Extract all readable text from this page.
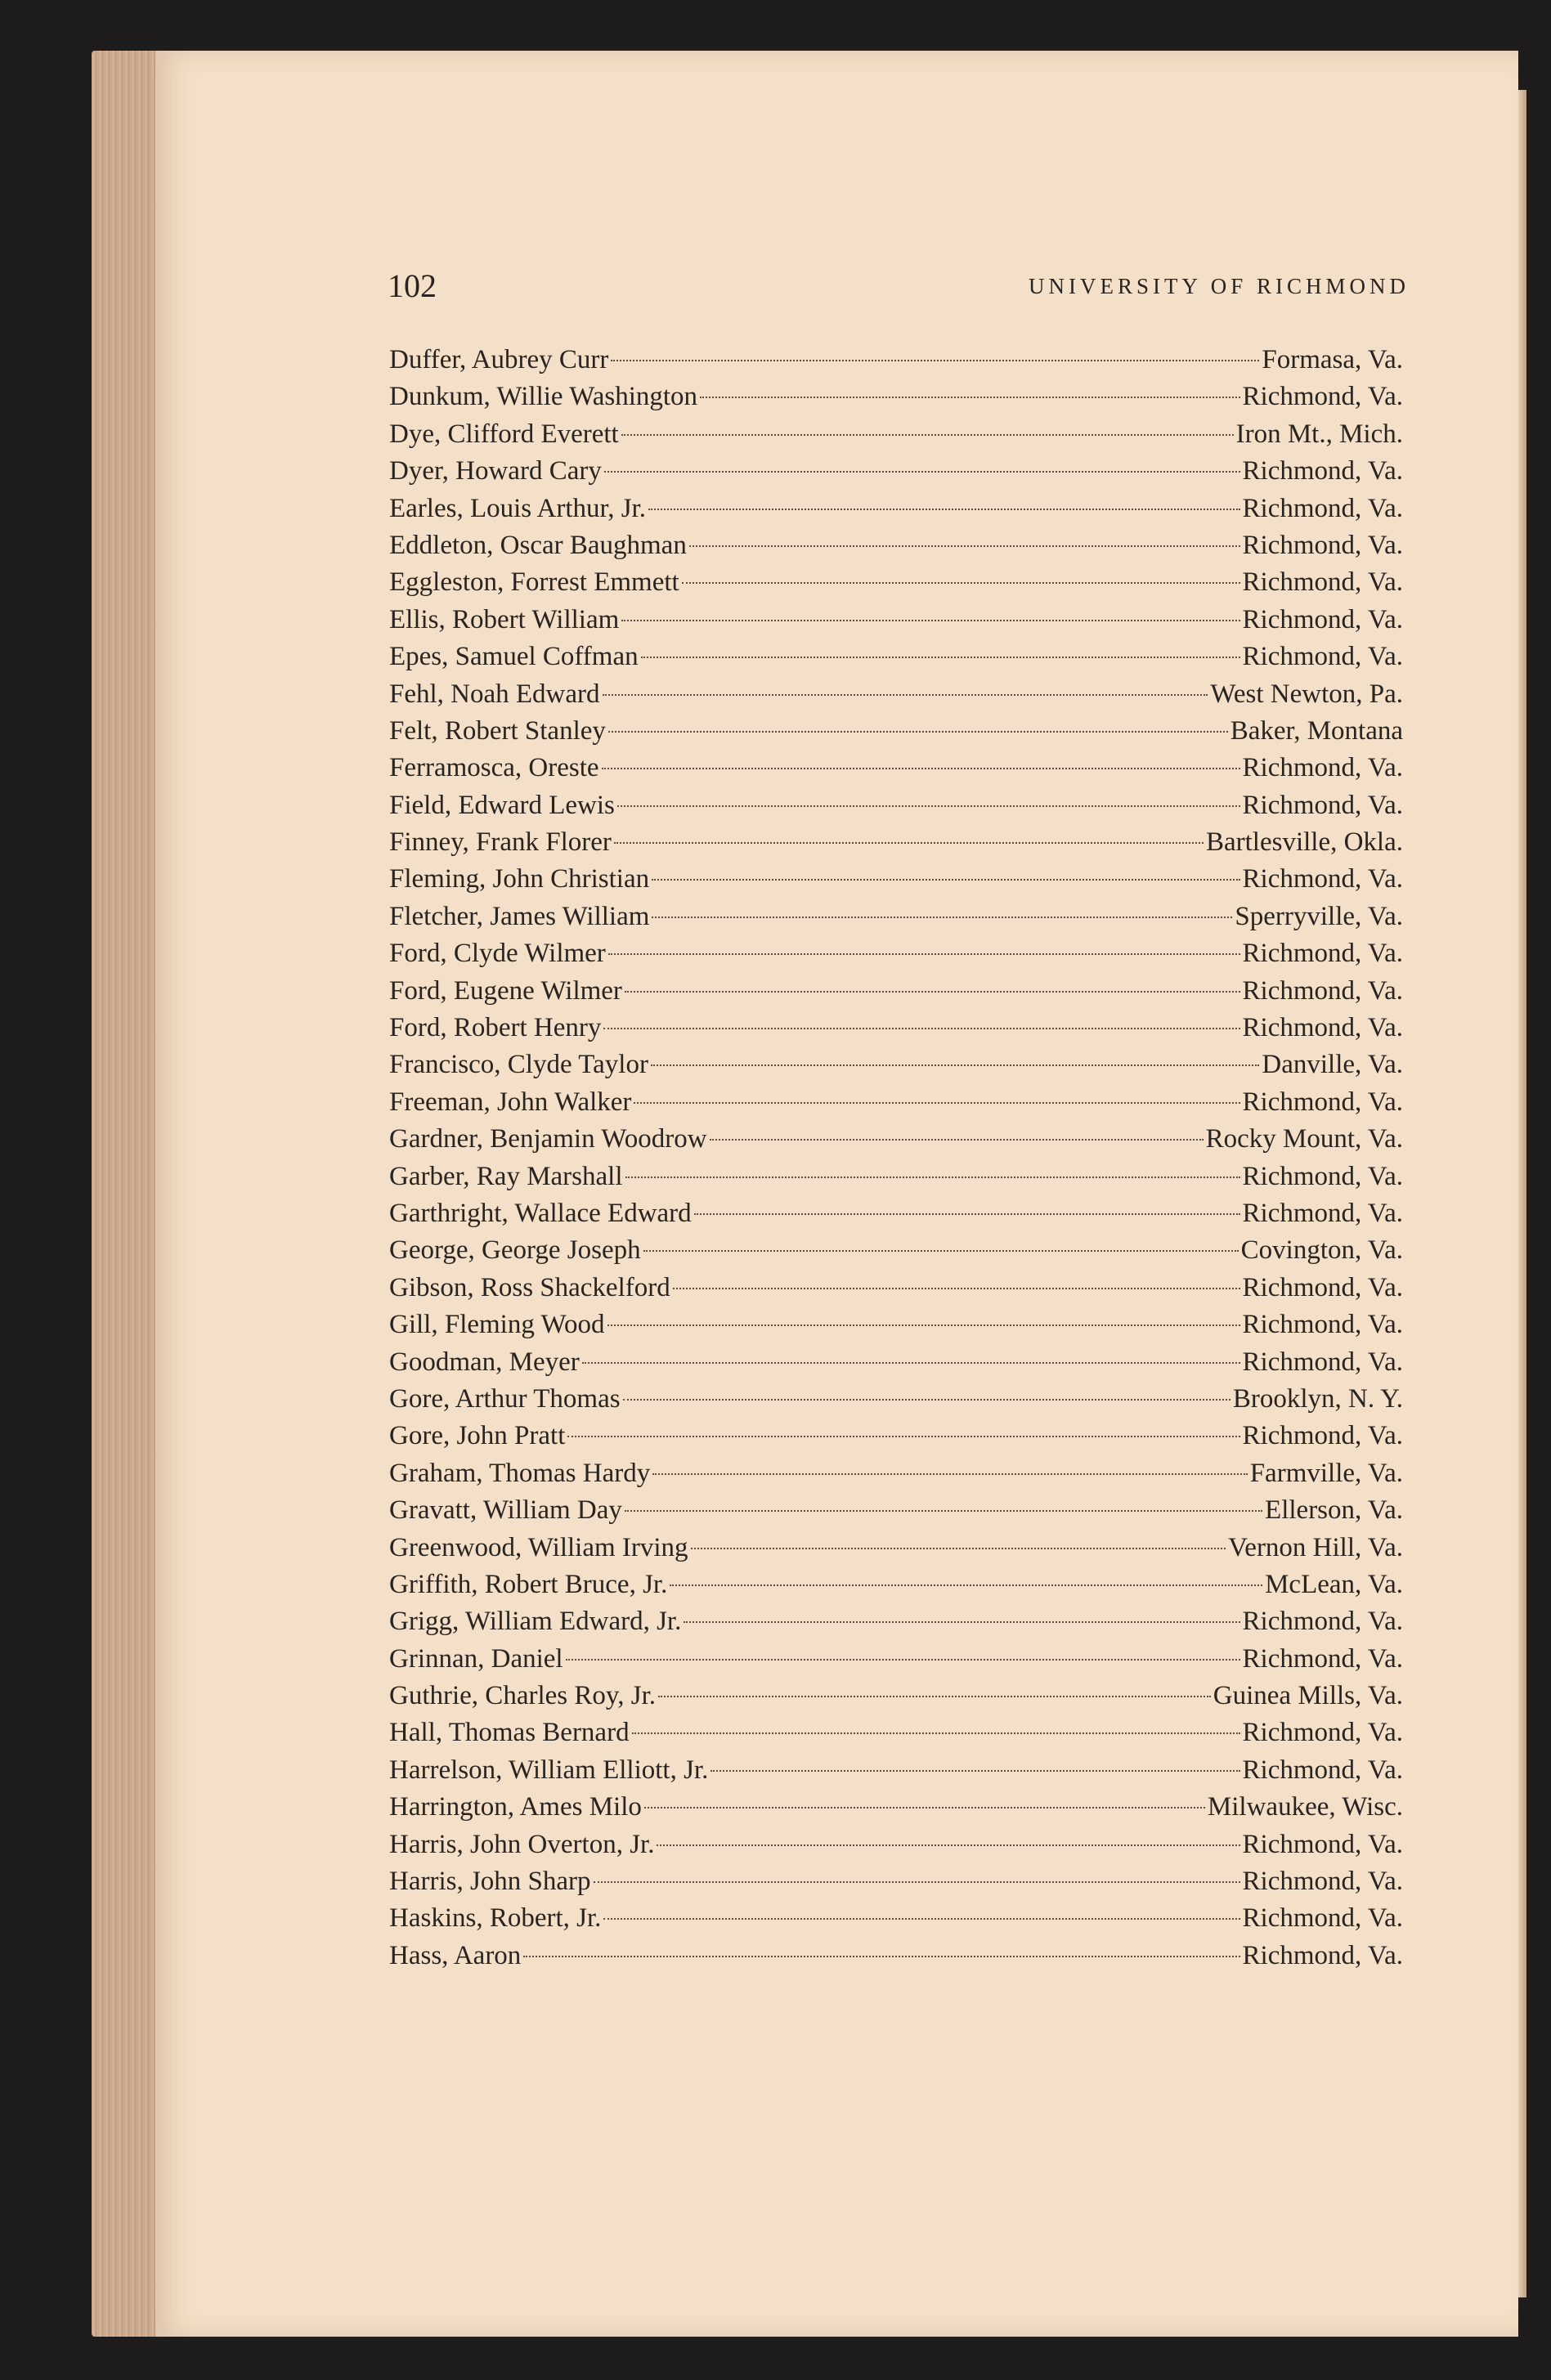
102	UNIVERSITY OF RICHMOND
Duffer, Aubrey Curr	Formasa, Va.
Dunkum, Willie Washington	Richmond, Va.
Dye, Clifford Everett	Iron Mt., Mich.
Dyer, Howard Cary	Richmond, Va.
Earles, Louis Arthur, Jr.	Richmond, Va.
Eddleton, Oscar Baughman	Richmond, Va.
Eggleston, Forrest Emmett	Richmond, Va.
Ellis, Robert William	Richmond, Va.
Epes, Samuel Coffman	Richmond, Va.
Fehl, Noah Edward	West Newton, Pa.
Felt, Robert Stanley	Baker, Montana
Ferramosca, Oreste	Richmond, Va.
Field, Edward Lewis	Richmond, Va.
Finney, Frank Florer	Bartlesville, Okla.
Fleming, John Christian	Richmond, Va.
Fletcher, James William	Sperryville, Va.
Ford, Clyde Wilmer	Richmond, Va.
Ford, Eugene Wilmer	Richmond, Va.
Ford, Robert Henry	Richmond, Va.
Francisco, Clyde Taylor	Danville, Va.
Freeman, John Walker	Richmond, Va.
Gardner, Benjamin Woodrow	Rocky Mount, Va.
Garber, Ray Marshall	Richmond, Va.
Garthright, Wallace Edward	Richmond, Va.
George, George Joseph	Covington, Va.
Gibson, Ross Shackelford	Richmond, Va.
Gill, Fleming Wood	Richmond, Va.
Goodman, Meyer	Richmond, Va.
Gore, Arthur Thomas	Brooklyn, N. Y.
Gore, John Pratt	Richmond, Va.
Graham, Thomas Hardy	Farmville, Va.
Gravatt, William Day	Ellerson, Va.
Greenwood, William Irving	Vernon Hill, Va.
Griffith, Robert Bruce, Jr.	McLean, Va.
Grigg, William Edward, Jr.	Richmond, Va.
Grinnan, Daniel	Richmond, Va.
Guthrie, Charles Roy, Jr.	Guinea Mills, Va.
Hall, Thomas Bernard	Richmond, Va.
Harrelson, William Elliott, Jr.	Richmond, Va.
Harrington, Ames Milo	Milwaukee, Wisc.
Harris, John Overton, Jr.	Richmond, Va.
Harris, John Sharp	Richmond, Va.
Haskins, Robert, Jr.	Richmond, Va.
Hass, Aaron	Richmond, Va.
